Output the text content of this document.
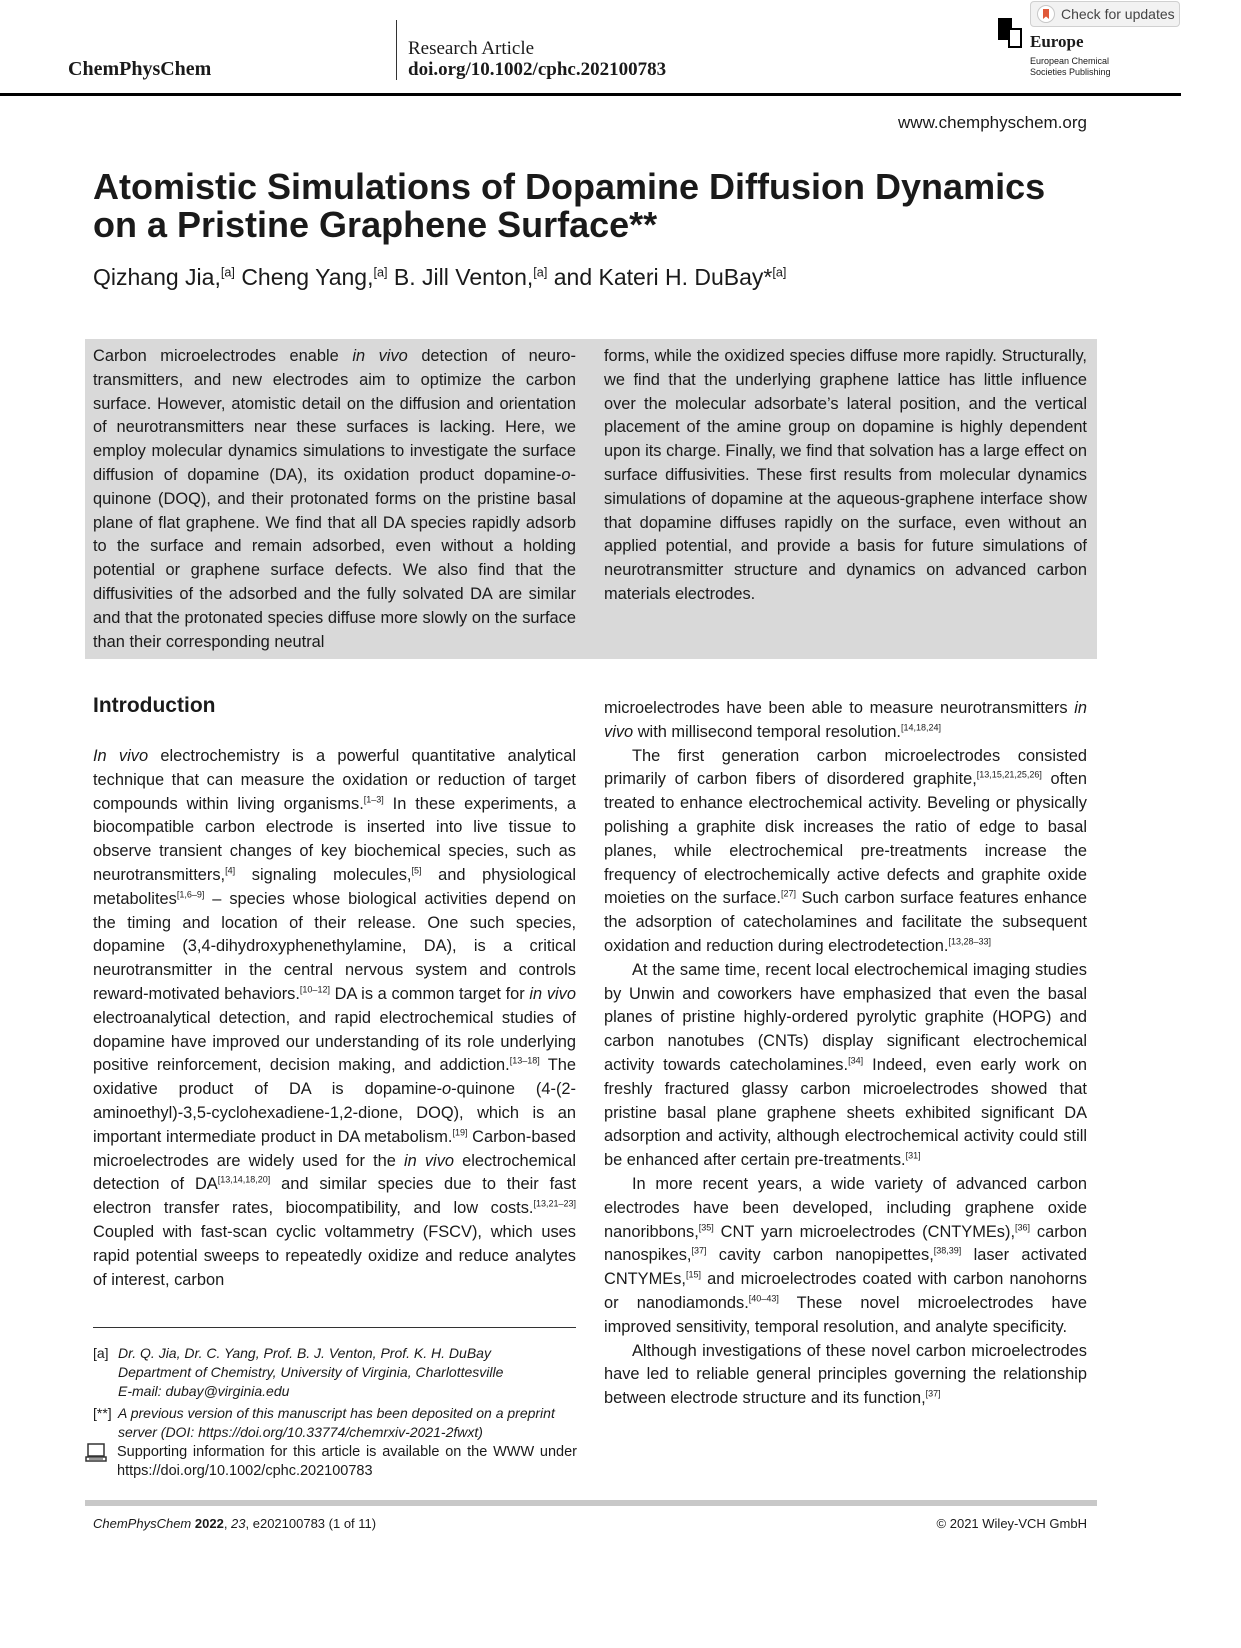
ChemPhysChem
Research Article
doi.org/10.1002/cphc.202100783
Europe
European Chemical Societies Publishing
Check for updates
www.chemphyschem.org
Atomistic Simulations of Dopamine Diffusion Dynamics on a Pristine Graphene Surface**
Qizhang Jia,[a] Cheng Yang,[a] B. Jill Venton,[a] and Kateri H. DuBay*[a]
Carbon microelectrodes enable in vivo detection of neurotransmitters, and new electrodes aim to optimize the carbon surface. However, atomistic detail on the diffusion and orientation of neurotransmitters near these surfaces is lacking. Here, we employ molecular dynamics simulations to investigate the surface diffusion of dopamine (DA), its oxidation product dopamine-o-quinone (DOQ), and their protonated forms on the pristine basal plane of flat graphene. We find that all DA species rapidly adsorb to the surface and remain adsorbed, even without a holding potential or graphene surface defects. We also find that the diffusivities of the adsorbed and the fully solvated DA are similar and that the protonated species diffuse more slowly on the surface than their corresponding neutral
forms, while the oxidized species diffuse more rapidly. Structurally, we find that the underlying graphene lattice has little influence over the molecular adsorbate’s lateral position, and the vertical placement of the amine group on dopamine is highly dependent upon its charge. Finally, we find that solvation has a large effect on surface diffusivities. These first results from molecular dynamics simulations of dopamine at the aqueous-graphene interface show that dopamine diffuses rapidly on the surface, even without an applied potential, and provide a basis for future simulations of neurotransmitter structure and dynamics on advanced carbon materials electrodes.
Introduction

In vivo electrochemistry is a powerful quantitative analytical technique that can measure the oxidation or reduction of target compounds within living organisms.[1–3] In these experiments, a biocompatible carbon electrode is inserted into live tissue to observe transient changes of key biochemical species, such as neurotransmitters,[4] signaling molecules,[5] and physiological metabolites[1,6–9] – species whose biological activities depend on the timing and location of their release. One such species, dopamine (3,4-dihydroxyphenethylamine, DA), is a critical neurotransmitter in the central nervous system and controls reward-motivated behaviors.[10–12] DA is a common target for in vivo electroanalytical detection, and rapid electrochemical studies of dopamine have improved our understanding of its role underlying positive reinforcement, decision making, and addiction.[13–18] The oxidative product of DA is dopamine-o-quinone (4-(2-aminoethyl)-3,5-cyclohexadiene-1,2-dione, DOQ), which is an important intermediate product in DA metabolism.[19] Carbon-based microelectrodes are widely used for the in vivo electrochemical detection of DA[13,14,18,20] and similar species due to their fast electron transfer rates, biocompatibility, and low costs.[13,21–23] Coupled with fast-scan cyclic voltammetry (FSCV), which uses rapid potential sweeps to repeatedly oxidize and reduce analytes of interest, carbon

microelectrodes have been able to measure neurotransmitters in vivo with millisecond temporal resolution.[14,18,24]

The first generation carbon microelectrodes consisted primarily of carbon fibers of disordered graphite,[13,15,21,25,26] often treated to enhance electrochemical activity. Beveling or physically polishing a graphite disk increases the ratio of edge to basal planes, while electrochemical pre-treatments increase the frequency of electrochemically active defects and graphite oxide moieties on the surface.[27] Such carbon surface features enhance the adsorption of catecholamines and facilitate the subsequent oxidation and reduction during electrodetection.[13,28–33]

At the same time, recent local electrochemical imaging studies by Unwin and coworkers have emphasized that even the basal planes of pristine highly-ordered pyrolytic graphite (HOPG) and carbon nanotubes (CNTs) display significant electrochemical activity towards catecholamines.[34] Indeed, even early work on freshly fractured glassy carbon microelectrodes showed that pristine basal plane graphene sheets exhibited significant DA adsorption and activity, although electrochemical activity could still be enhanced after certain pre-treatments.[31]

In more recent years, a wide variety of advanced carbon electrodes have been developed, including graphene oxide nanoribbons,[35] CNT yarn microelectrodes (CNTYMEs),[36] carbon nanospikes,[37] cavity carbon nanopipettes,[38,39] laser activated CNTYMEs,[15] and microelectrodes coated with carbon nanohorns or nanodiamonds.[40–43] These novel microelectrodes have improved sensitivity, temporal resolution, and analyte specificity.

Although investigations of these novel carbon microelectrodes have led to reliable general principles governing the relationship between electrode structure and its function,[37]

[a] Dr. Q. Jia, Dr. C. Yang, Prof. B. J. Venton, Prof. K. H. DuBay
Department of Chemistry, University of Virginia, Charlottesville
E-mail: dubay@virginia.edu
[**] A previous version of this manuscript has been deposited on a preprint server (DOI: https://doi.org/10.33774/chemrxiv-2021-2fwxt)
Supporting information for this article is available on the WWW under https://doi.org/10.1002/cphc.202100783
ChemPhysChem 2022, 23, e202100783 (1 of 11)	© 2021 Wiley-VCH GmbH
